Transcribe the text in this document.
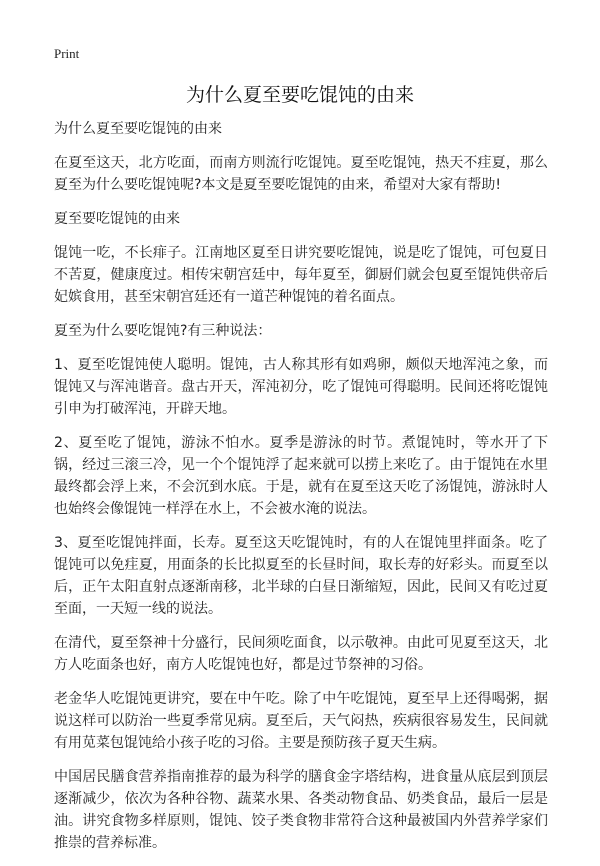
Print
为什么夏至要吃馄饨的由来

为什么夏至要吃馄饨的由来

在夏至这天，北方吃面，而南方则流行吃馄饨。夏至吃馄饨，热天不疰夏，那么夏至为什么要吃馄饨呢?本文是夏至要吃馄饨的由来，希望对大家有帮助!

夏至要吃馄饨的由来

馄饨一吃，不长痱子。江南地区夏至日讲究要吃馄饨，说是吃了馄饨，可包夏日不苦夏，健康度过。相传宋朝宫廷中，每年夏至，御厨们就会包夏至馄饨供帝后妃嫔食用，甚至宋朝宫廷还有一道芒种馄饨的着名面点。

夏至为什么要吃馄饨?有三种说法：

1、夏至吃馄饨使人聪明。馄饨，古人称其形有如鸡卵，颇似天地浑沌之象，而馄饨又与浑沌谐音。盘古开天，浑沌初分，吃了馄饨可得聪明。民间还将吃馄饨引申为打破浑沌，开辟天地。

2、夏至吃了馄饨，游泳不怕水。夏季是游泳的时节。煮馄饨时，等水开了下锅，经过三滚三冷，见一个个馄饨浮了起来就可以捞上来吃了。由于馄饨在水里最终都会浮上来，不会沉到水底。于是，就有在夏至这天吃了汤馄饨，游泳时人也始终会像馄饨一样浮在水上，不会被水淹的说法。

3、夏至吃馄饨拌面，长寿。夏至这天吃馄饨时，有的人在馄饨里拌面条。吃了馄饨可以免疰夏，用面条的长比拟夏至的长昼时间，取长寿的好彩头。而夏至以后，正午太阳直射点逐渐南移，北半球的白昼日渐缩短，因此，民间又有吃过夏至面，一天短一线的说法。

在清代，夏至祭神十分盛行，民间须吃面食，以示敬神。由此可见夏至这天，北方人吃面条也好，南方人吃馄饨也好，都是过节祭神的习俗。

老金华人吃馄饨更讲究，要在中午吃。除了中午吃馄饨，夏至早上还得喝粥，据说这样可以防治一些夏季常见病。夏至后，天气闷热，疾病很容易发生，民间就有用苋菜包馄饨给小孩子吃的习俗。主要是预防孩子夏天生病。

中国居民膳食营养指南推荐的最为科学的膳食金字塔结构，进食量从底层到顶层逐渐减少，依次为各种谷物、蔬菜水果、各类动物食品、奶类食品，最后一层是油。讲究食物多样原则，馄饨、饺子类食物非常符合这种最被国内外营养学家们推崇的营养标准。
